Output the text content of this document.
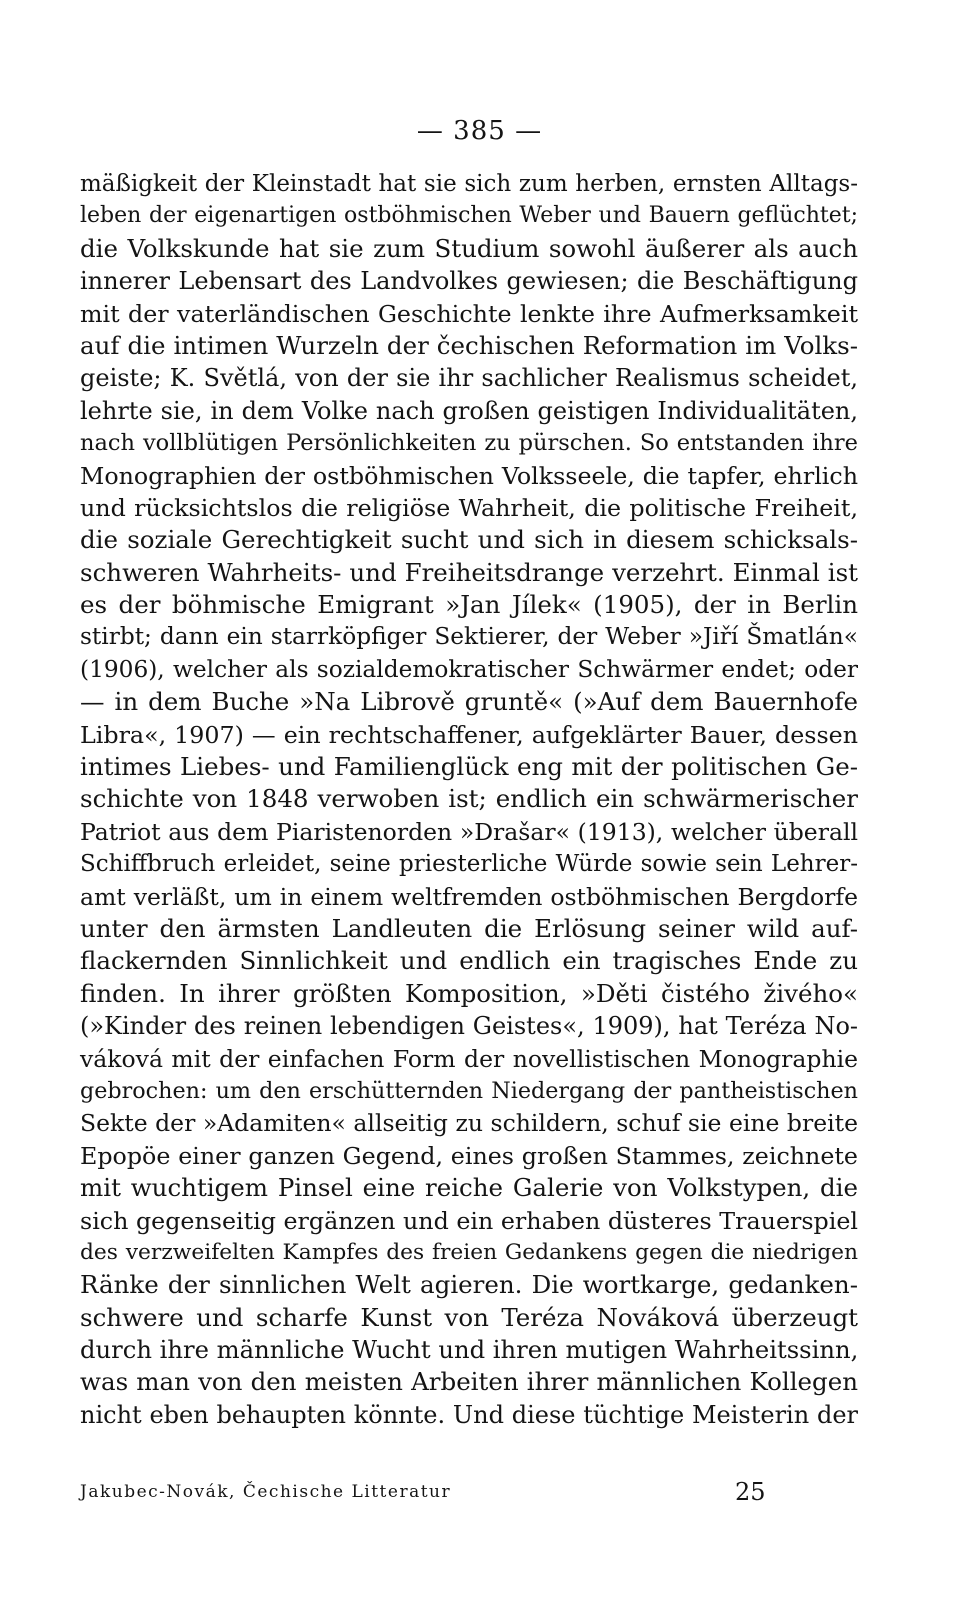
— 385 —
mäßigkeit der Kleinstadt hat sie sich zum herben, ernsten Alltags-
leben der eigenartigen ostböhmischen Weber und Bauern geflüchtet;
die Volkskunde hat sie zum Studium sowohl äußerer als auch
innerer Lebensart des Landvolkes gewiesen; die Beschäftigung
mit der vaterländischen Geschichte lenkte ihre Aufmerksamkeit
auf die intimen Wurzeln der čechischen Reformation im Volks-
geiste; K. Světlá, von der sie ihr sachlicher Realismus scheidet,
lehrte sie, in dem Volke nach großen geistigen Individualitäten,
nach vollblütigen Persönlichkeiten zu pürschen. So entstanden ihre
Monographien der ostböhmischen Volksseele, die tapfer, ehrlich
und rücksichtslos die religiöse Wahrheit, die politische Freiheit,
die soziale Gerechtigkeit sucht und sich in diesem schicksals-
schweren Wahrheits- und Freiheitsdrange verzehrt. Einmal ist
es der böhmische Emigrant »Jan Jílek« (1905), der in Berlin
stirbt; dann ein starrköpfiger Sektierer, der Weber »Jiří Šmatlán«
(1906), welcher als sozialdemokratischer Schwärmer endet; oder
— in dem Buche »Na Librově gruntě« (»Auf dem Bauernhofe
Libra«, 1907) — ein rechtschaffener, aufgeklärter Bauer, dessen
intimes Liebes- und Familienglück eng mit der politischen Ge-
schichte von 1848 verwoben ist; endlich ein schwärmerischer
Patriot aus dem Piaristenorden »Drašar« (1913), welcher überall
Schiffbruch erleidet, seine priesterliche Würde sowie sein Lehrer-
amt verläßt, um in einem weltfremden ostböhmischen Bergdorfe
unter den ärmsten Landleuten die Erlösung seiner wild auf-
flackernden Sinnlichkeit und endlich ein tragisches Ende zu
finden. In ihrer größten Komposition, »Děti čistého živého«
(»Kinder des reinen lebendigen Geistes«, 1909), hat Teréza No-
váková mit der einfachen Form der novellistischen Monographie
gebrochen: um den erschütternden Niedergang der pantheistischen
Sekte der »Adamiten« allseitig zu schildern, schuf sie eine breite
Epopöe einer ganzen Gegend, eines großen Stammes, zeichnete
mit wuchtigem Pinsel eine reiche Galerie von Volkstypen, die
sich gegenseitig ergänzen und ein erhaben düsteres Trauerspiel
des verzweifelten Kampfes des freien Gedankens gegen die niedrigen
Ränke der sinnlichen Welt agieren. Die wortkarge, gedanken-
schwere und scharfe Kunst von Teréza Nováková überzeugt
durch ihre männliche Wucht und ihren mutigen Wahrheitssinn,
was man von den meisten Arbeiten ihrer männlichen Kollegen
nicht eben behaupten könnte. Und diese tüchtige Meisterin der
Jakubec-Novák, Čechische Litteratur	25
